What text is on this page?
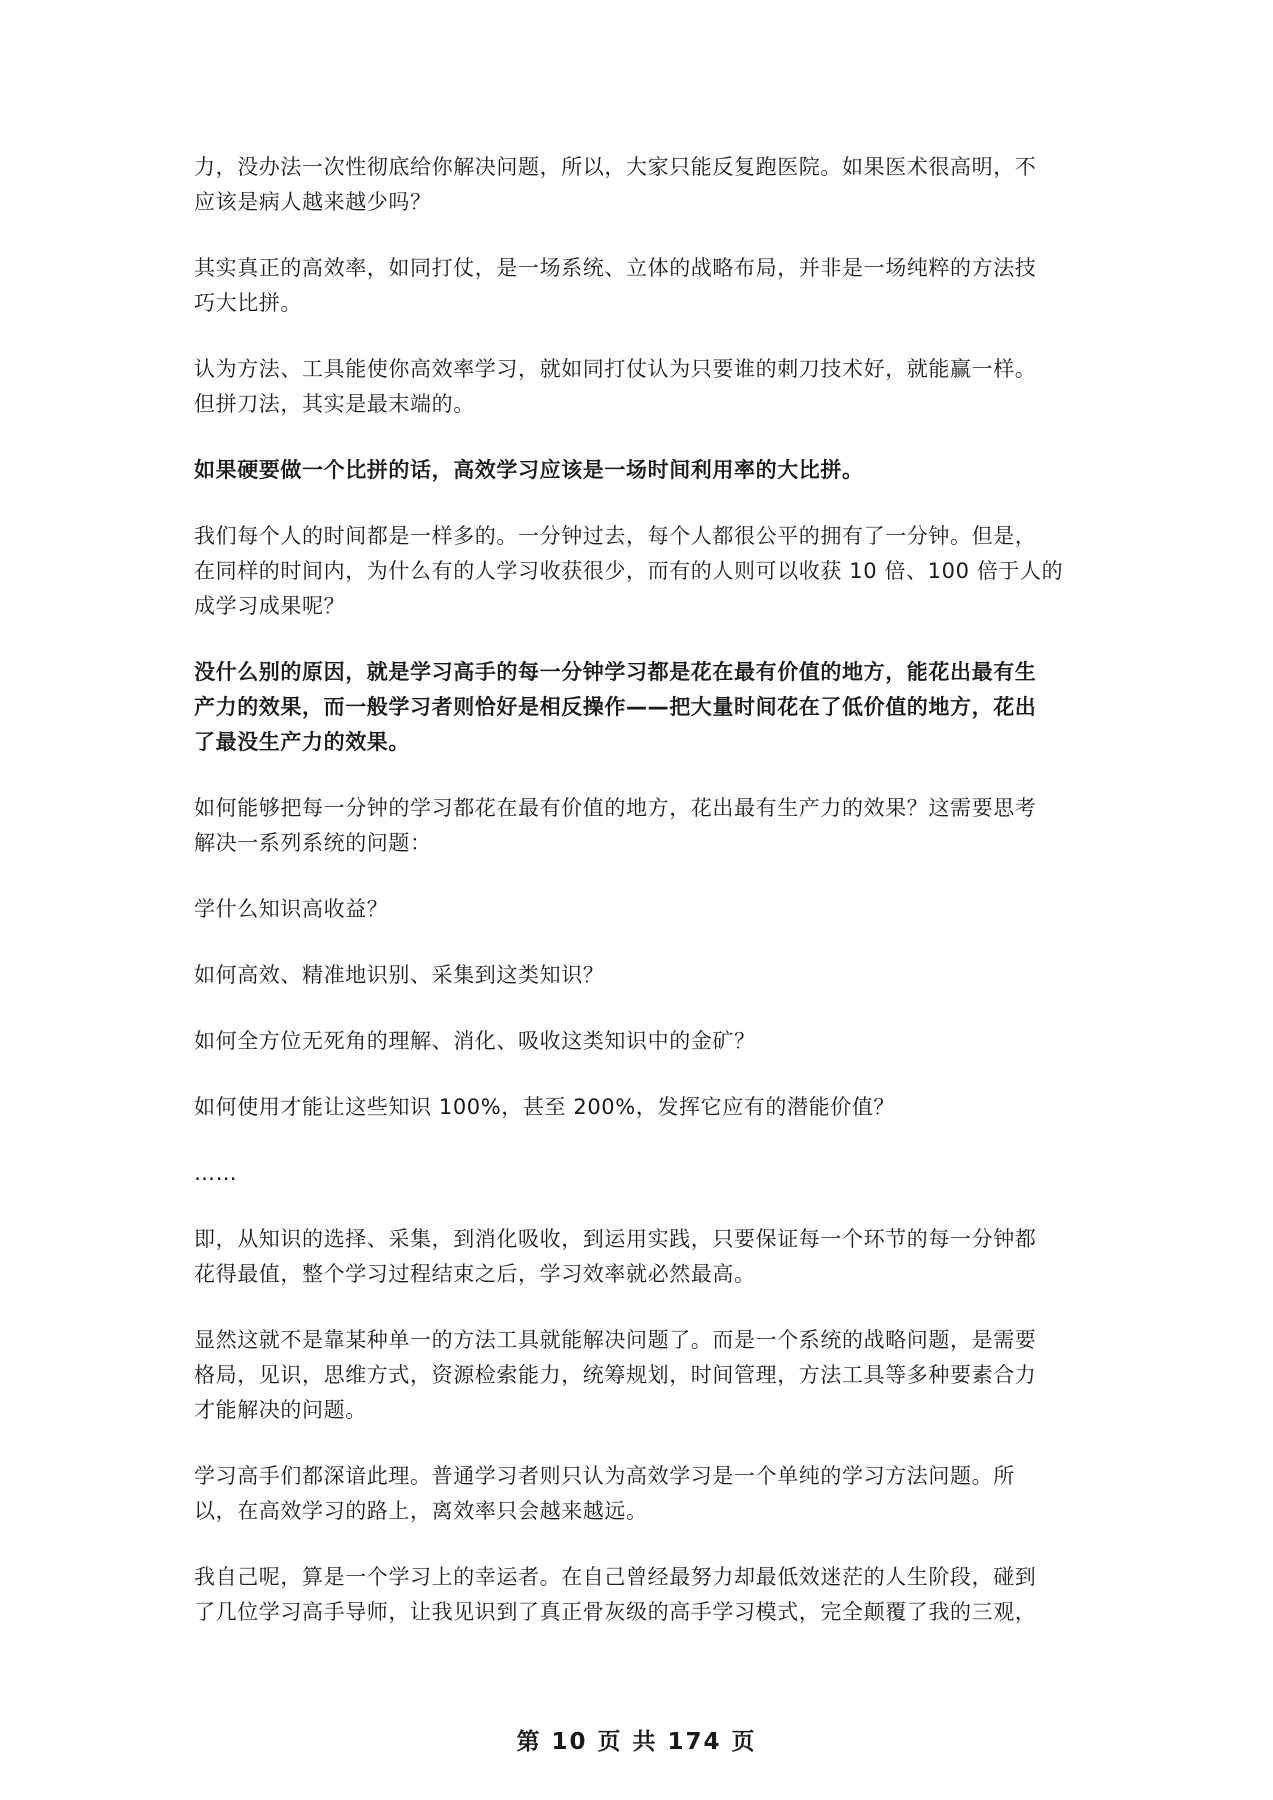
力，没办法一次性彻底给你解决问题，所以，大家只能反复跑医院。如果医术很高明，不
应该是病人越来越少吗？

其实真正的高效率，如同打仗，是一场系统、立体的战略布局，并非是一场纯粹的方法技
巧大比拼。

认为方法、工具能使你高效率学习，就如同打仗认为只要谁的刺刀技术好，就能赢一样。
但拼刀法，其实是最末端的。

如果硬要做一个比拼的话，高效学习应该是一场时间利用率的大比拼。

我们每个人的时间都是一样多的。一分钟过去，每个人都很公平的拥有了一分钟。但是，
在同样的时间内，为什么有的人学习收获很少，而有的人则可以收获 10 倍、100 倍于人的
成学习成果呢？

没什么别的原因，就是学习高手的每一分钟学习都是花在最有价值的地方，能花出最有生
产力的效果，而一般学习者则恰好是相反操作——把大量时间花在了低价值的地方，花出
了最没生产力的效果。

如何能够把每一分钟的学习都花在最有价值的地方，花出最有生产力的效果？这需要思考
解决一系列系统的问题：

学什么知识高收益？

如何高效、精准地识别、采集到这类知识？

如何全方位无死角的理解、消化、吸收这类知识中的金矿？

如何使用才能让这些知识 100%，甚至 200%，发挥它应有的潜能价值？

……

即，从知识的选择、采集，到消化吸收，到运用实践，只要保证每一个环节的每一分钟都
花得最值，整个学习过程结束之后，学习效率就必然最高。

显然这就不是靠某种单一的方法工具就能解决问题了。而是一个系统的战略问题，是需要
格局，见识，思维方式，资源检索能力，统筹规划，时间管理，方法工具等多种要素合力
才能解决的问题。

学习高手们都深谙此理。普通学习者则只认为高效学习是一个单纯的学习方法问题。所
以，在高效学习的路上，离效率只会越来越远。

我自己呢，算是一个学习上的幸运者。在自己曾经最努力却最低效迷茫的人生阶段，碰到
了几位学习高手导师，让我见识到了真正骨灰级的高手学习模式，完全颠覆了我的三观，

第 10 页 共 174 页
